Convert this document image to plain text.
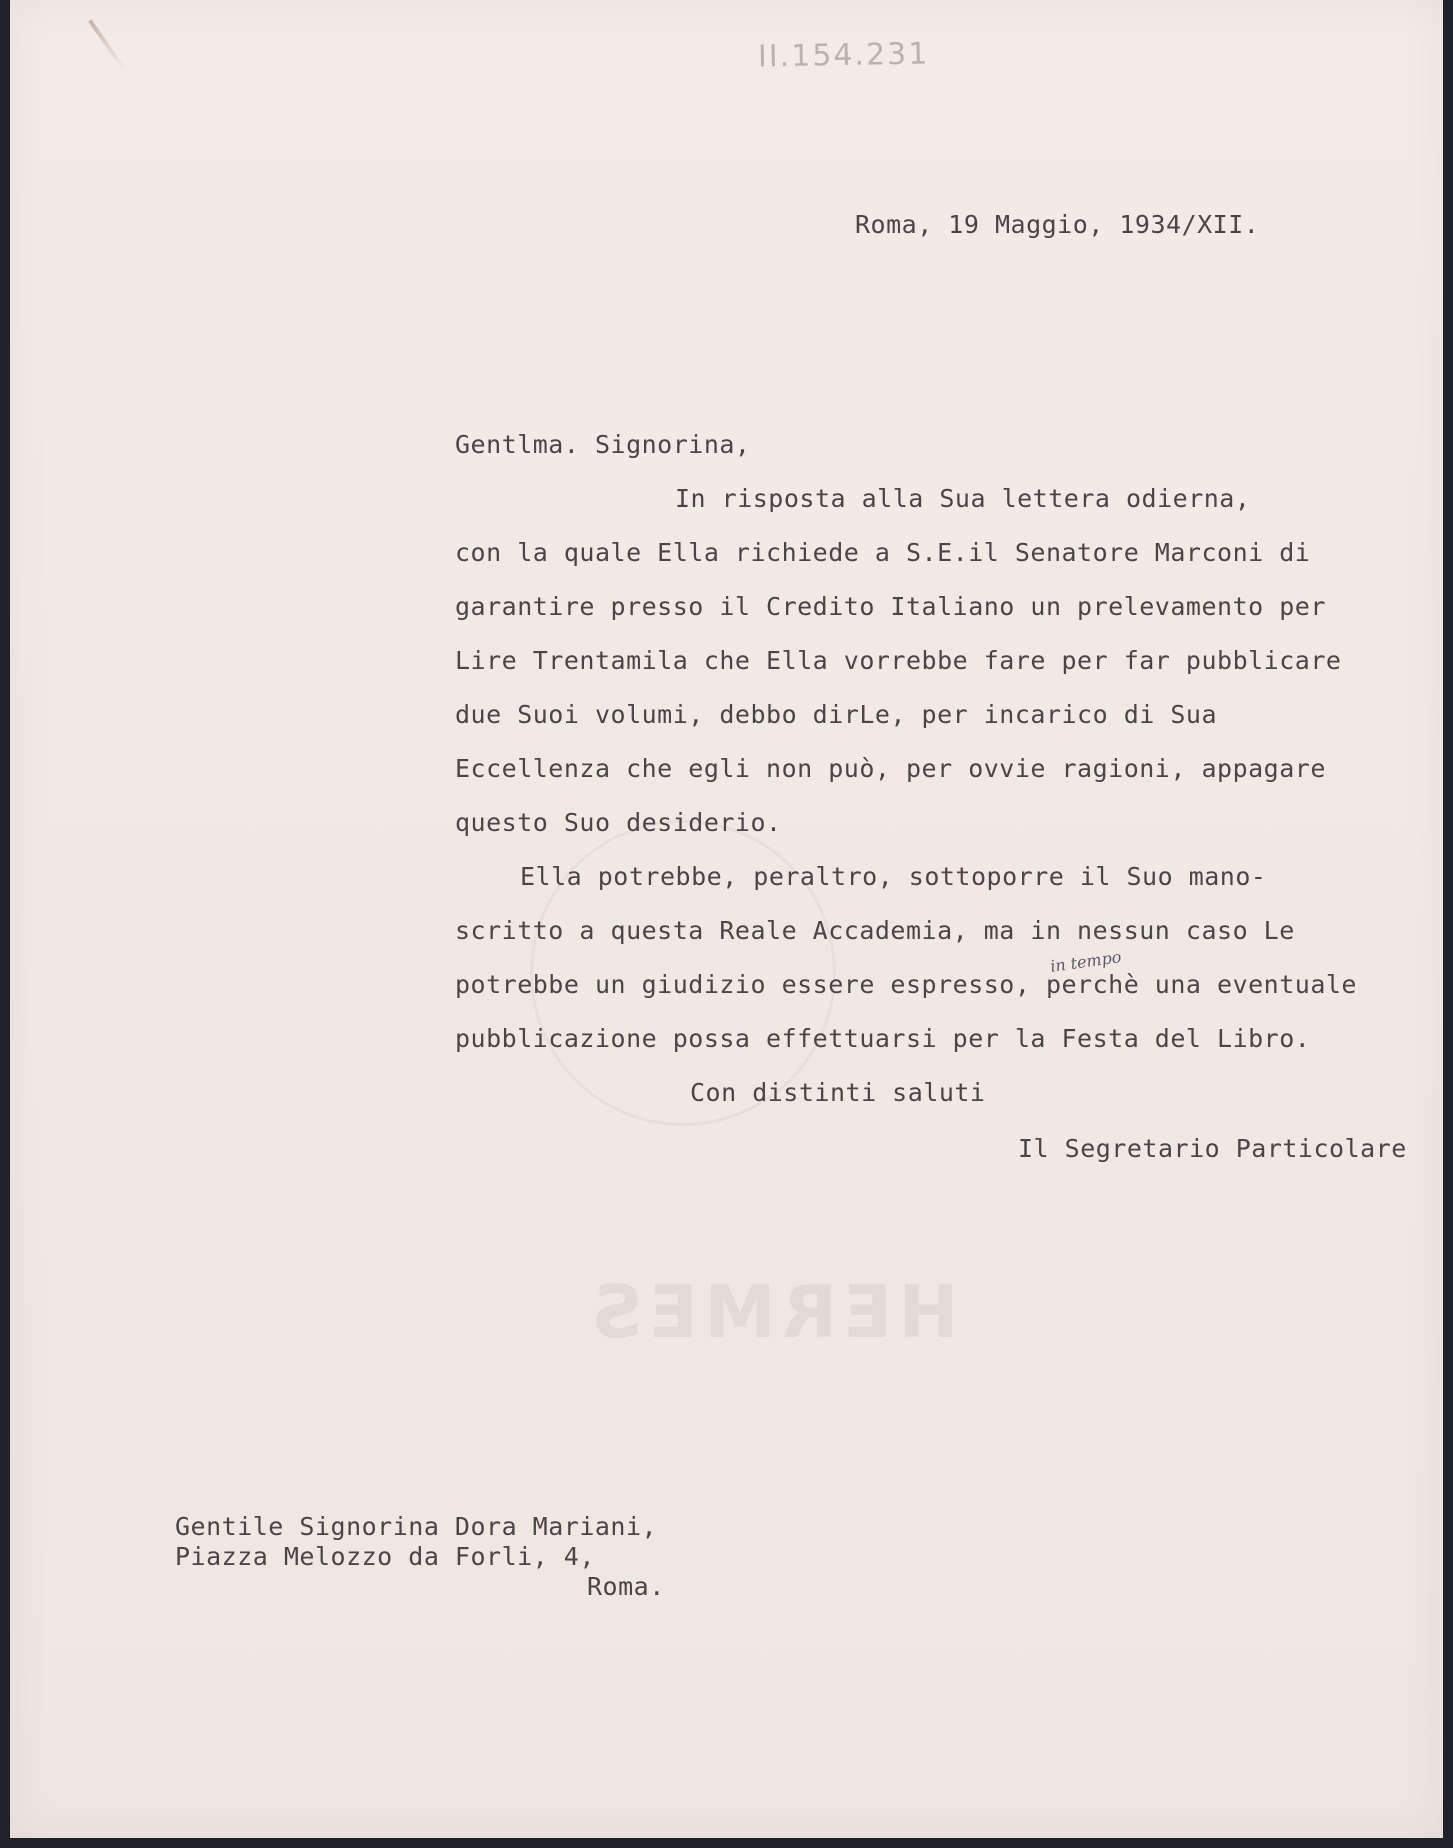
HERMES
II.154.231
Roma, 19 Maggio, 1934/XII.
Gentlma. Signorina,
In risposta alla Sua lettera odierna,
con la quale Ella richiede a S.E.il Senatore Marconi di
garantire presso il Credito Italiano un prelevamento per
Lire Trentamila che Ella vorrebbe fare per far pubblicare
due Suoi volumi, debbo dirLe, per incarico di Sua
Eccellenza che egli non può, per ovvie ragioni, appagare
questo Suo desiderio.
Ella potrebbe, peraltro, sottoporre il Suo mano-
scritto a questa Reale Accademia, ma in nessun caso Le
potrebbe un giudizio essere espresso, perchè una eventuale
pubblicazione possa effettuarsi per la Festa del Libro.
in tempo
Con distinti saluti
Il Segretario Particolare
Gentile Signorina Dora Mariani,
Piazza Melozzo da Forli, 4,
Roma.
